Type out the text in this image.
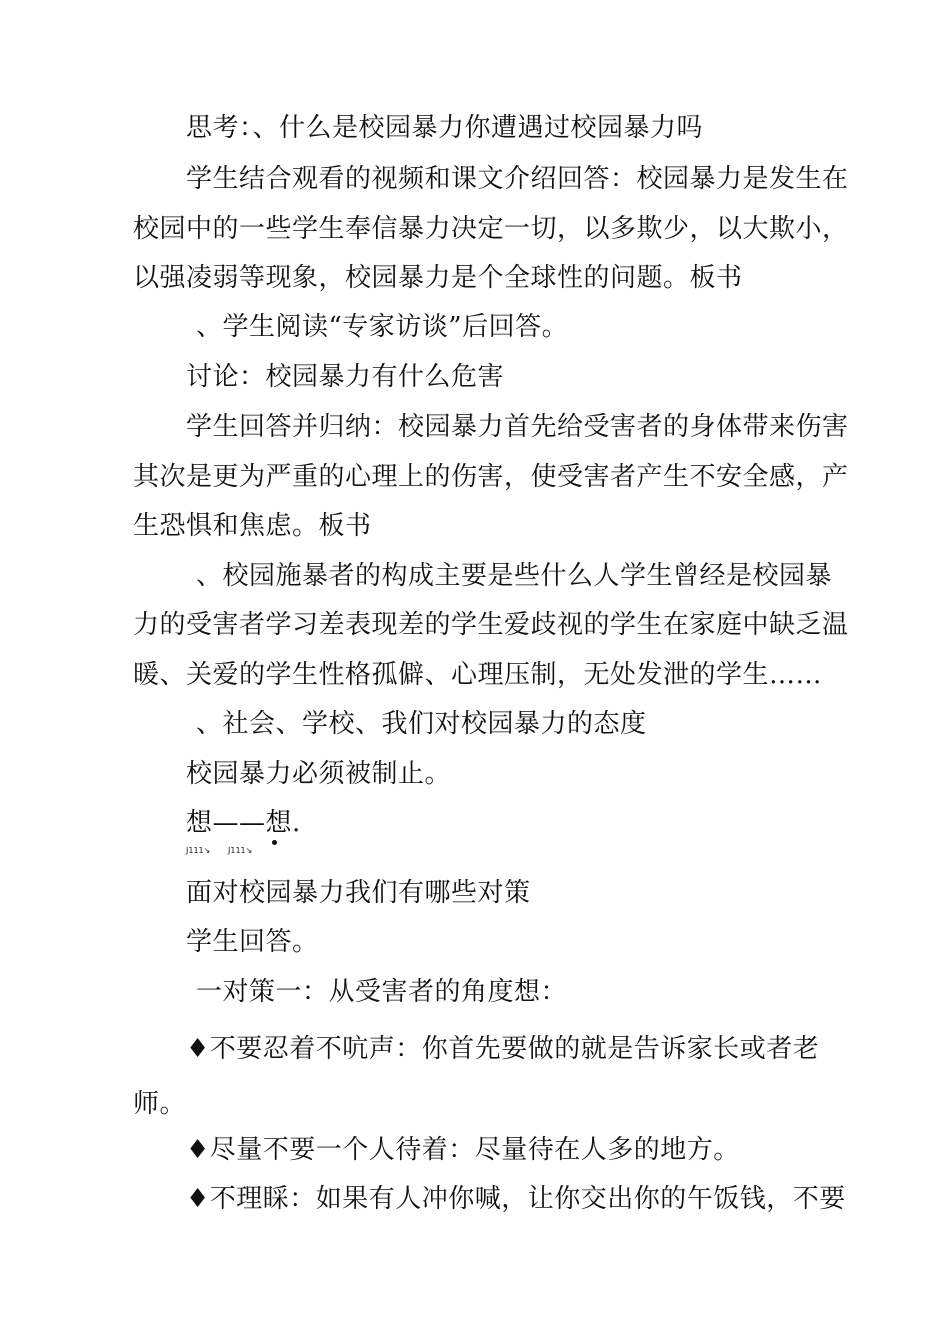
思考：、什么是校园暴力你遭遇过校园暴力吗
学生结合观看的视频和课文介绍回答：校园暴力是发生在
校园中的一些学生奉信暴力决定一切，以多欺少，以大欺小，
以强凌弱等现象，校园暴力是个全球性的问题。板书
、学生阅读“专家访谈”后回答。
讨论：校园暴力有什么危害
学生回答并归纳：校园暴力首先给受害者的身体带来伤害
其次是更为严重的心理上的伤害，使受害者产生不安全感，产
生恐惧和焦虑。板书
、校园施暴者的构成主要是些什么人学生曾经是校园暴
力的受害者学习差表现差的学生爱歧视的学生在家庭中缺乏温
暖、关爱的学生性格孤僻、心理压制，无处发泄的学生……
、社会、学校、我们对校园暴力的态度
校园暴力必须被制止。
想——想.
J111↘ J111↘
面对校园暴力我们有哪些对策
学生回答。
一对策一：从受害者的角度想：
♦不要忍着不吭声：你首先要做的就是告诉家长或者老
师。
♦尽量不要一个人待着：尽量待在人多的地方。
♦不理睬：如果有人冲你喊，让你交出你的午饭钱，不要
